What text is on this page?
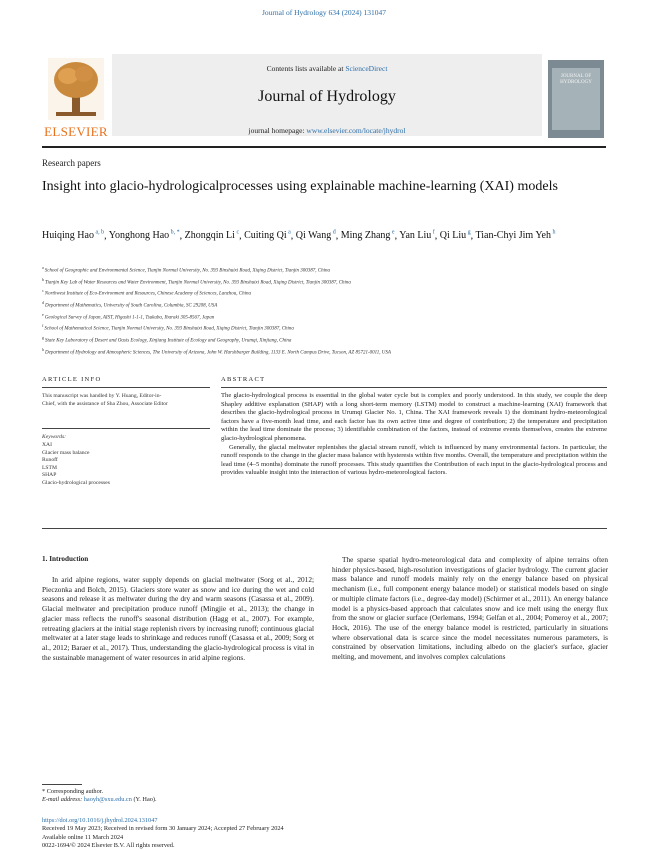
Journal of Hydrology 634 (2024) 131047
ELSEVIER
Contents lists available at ScienceDirect
Journal of Hydrology
journal homepage: www.elsevier.com/locate/jhydrol
JOURNAL OF
HYDROLOGY
Research papers
Insight into glacio-hydrologicalprocesses using explainable machine-learning (XAI) models
Huiqing Hao $^{a, b}$, Yonghong Hao $^{b, *}$, Zhongqin Li $^c$, Cuiting Qi $^a$, Qi Wang $^d$, Ming Zhang $^e$, Yan Liu $^f$, Qi Liu $^g$, Tian-Chyi Jim Yeh $^h$
$^a$ School of Geographic and Environmental Science, Tianjin Normal University, No. 393 Binshuixi Road, Xiqing District, Tianjin 300387, China
$^b$ Tianjin Key Lab of Water Resources and Water Environment, Tianjin Normal University, No. 393 Binshuixi Road, Xiqing District, Tianjin 300387, China
$^c$ Northwest Institute of Eco-Environment and Resources, Chinese Academy of Sciences, Lanzhou, China
$^d$ Department of Mathematics, University of South Carolina, Columbia, SC 29208, USA
$^e$ Geological Survey of Japan, AIST, Higashi 1-1-1, Tsukuba, Ibaraki 305-8567, Japan
$^f$ School of Mathematical Science, Tianjin Normal University, No. 393 Binshuixi Road, Xiqing District, Tianjin 300387, China
$^g$ State Key Laboratory of Desert and Oasis Ecology, Xinjiang Institute of Ecology and Geography, Urumqi, Xinjiang, China
$^h$ Department of Hydrology and Atmospheric Sciences, The University of Arizona, John W. Harshbarger Building, 1133 E. North Campus Drive, Tucson, AZ 85721-0011, USA
ARTICLE INFO
This manuscript was handled by Y. Huang, Editor-in-Chief, with the assistance of Sha Zhou, Associate Editor
Keywords:
XAI
Glacier mass balance
Runoff
LSTM
SHAP
Glacio-hydrological processes
ABSTRACT

The glacio-hydrological process is essential in the global water cycle but is complex and poorly understood. In this study, we couple the deep Shapley additive explanation (SHAP) with a long short-term memory (LSTM) model to construct a machine-learning (XAI) framework that describes the glacio-hydrological process in Urumqi Glacier No. 1, China. The XAI framework reveals 1) the dominant hydro-meteorological factors have a five-month lead time, and each factor has its own active time and degree of contribution; 2) the temperature and precipitation within the lead time dominate the process; 3) identifiable combination of the factors, instead of extreme events themselves, creates the extreme glacio-hydrological phenomena.

Generally, the glacial meltwater replenishes the glacial stream runoff, which is influenced by many environmental factors. In particular, the runoff responds to the change in the glacier mass balance with hysteresis within five months. Overall, the temperature and precipitation within the lead time (4–5 months) dominate the runoff processes. This study quantifies the Contribution of each input in the glacio-hydrological process and provides valuable insight into the interaction of various hydro-meteorological factors.

1. Introduction

In arid alpine regions, water supply depends on glacial meltwater (Sorg et al., 2012; Pieczonka and Bolch, 2015). Glaciers store water as snow and ice during the wet and cold seasons and release it as meltwater during the dry and warm seasons (Casassa et al., 2009). Glacial meltwater and precipitation produce runoff (Mingjie et al., 2013); the change in glacier mass reflects the runoff's seasonal distribution (Hagg et al., 2007). For example, retreating glaciers at the initial stage replenish rivers by increasing runoff; continuous glacial meltwater at a later stage leads to shrinkage and reduces runoff (Casassa et al., 2009; Sorg et al., 2012; Baraer et al., 2017). Thus, understanding the glacio-hydrological process is vital in the sustainable management of water resources in arid alpine regions.

The sparse spatial hydro-meteorological data and complexity of alpine terrains often hinder physics-based, high-resolution investigations of glacier hydrology. The current glacier mass balance and runoff models mainly rely on the energy balance based on physical mechanism (i.e., full component energy balance model) or statistical models based on single or multiple climate factors (i.e., degree-day model) (Schirmer et al., 2011). An energy balance model is a physics-based approach that calculates snow and ice melt using the energy flux from the snow or glacier surface (Oerlemans, 1994; Gelfan et al., 2004; Pomeroy et al., 2007; Hock, 2016). The use of the energy balance model is restricted, particularly in situations where observational data is scarce since the model necessitates numerous parameters, is constrained by observation limitations, including albedo on the glacier's surface, glacier melting, and movement, and involves complex calculations

* Corresponding author.
E-mail address: haoyh@sxu.edu.cn (Y. Hao).
https://doi.org/10.1016/j.jhydrol.2024.131047
Received 19 May 2023; Received in revised form 30 January 2024; Accepted 27 February 2024
Available online 11 March 2024
0022-1694/© 2024 Elsevier B.V. All rights reserved.
